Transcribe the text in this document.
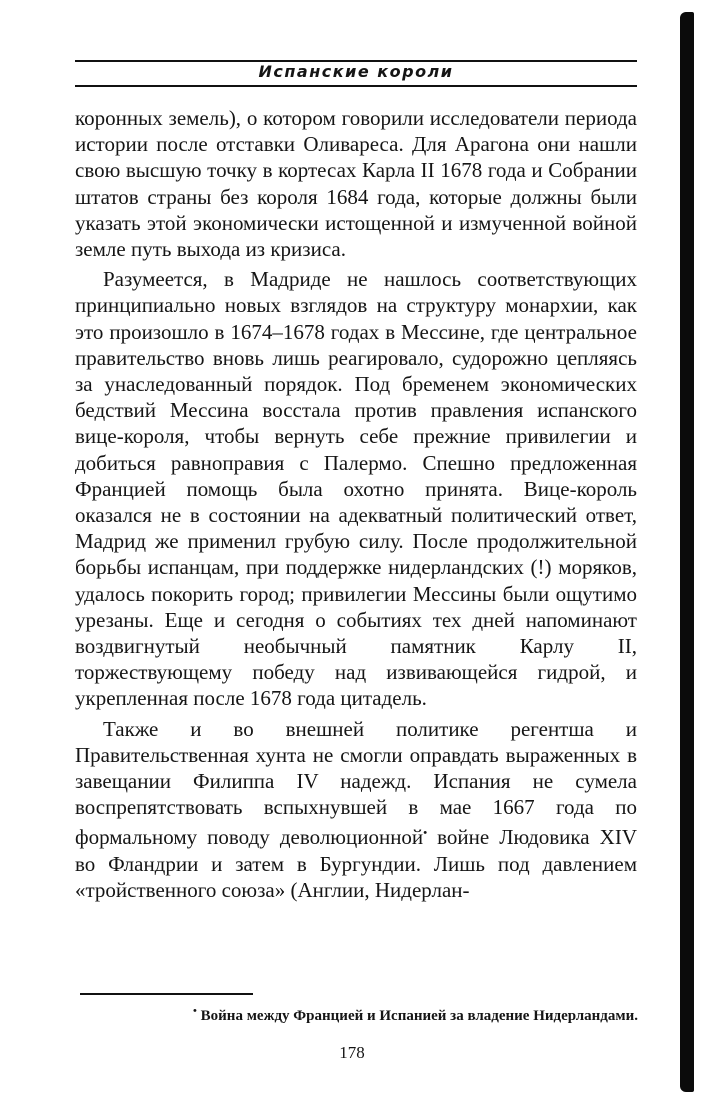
Испанские короли

коронных земель), о котором говорили исследователи периода истории после отставки Оливареса. Для Арагона они нашли свою высшую точку в кортесах Карла II 1678 года и Собрании штатов страны без короля 1684 года, которые должны были указать этой экономически истощенной и измученной войной земле путь выхода из кризиса.

Разумеется, в Мадриде не нашлось соответствующих принципиально новых взглядов на структуру монархии, как это произошло в 1674–1678 годах в Мессине, где центральное правительство вновь лишь реагировало, судорожно цепляясь за унаследованный порядок. Под бременем экономических бедствий Мессина восстала против правления испанского вице-короля, чтобы вернуть себе прежние привилегии и добиться равноправия с Палермо. Спешно предложенная Францией помощь была охотно принята. Вице-король оказался не в состоянии на адекватный политический ответ, Мадрид же применил грубую силу. После продолжительной борьбы испанцам, при поддержке нидерландских (!) моряков, удалось покорить город; привилегии Мессины были ощутимо урезаны. Еще и сегодня о событиях тех дней напоминают воздвигнутый необычный памятник Карлу II, торжествующему победу над извивающейся гидрой, и укрепленная после 1678 года цитадель.

Также и во внешней политике регентша и Правительственная хунта не смогли оправдать выраженных в завещании Филиппа IV надежд. Испания не сумела воспрепятствовать вспыхнувшей в мае 1667 года по формальному поводу деволюционной• войне Людовика XIV во Фландрии и затем в Бургундии. Лишь под давлением «тройственного союза» (Англии, Нидерлан-

• Война между Францией и Испанией за владение Нидерландами.
178
